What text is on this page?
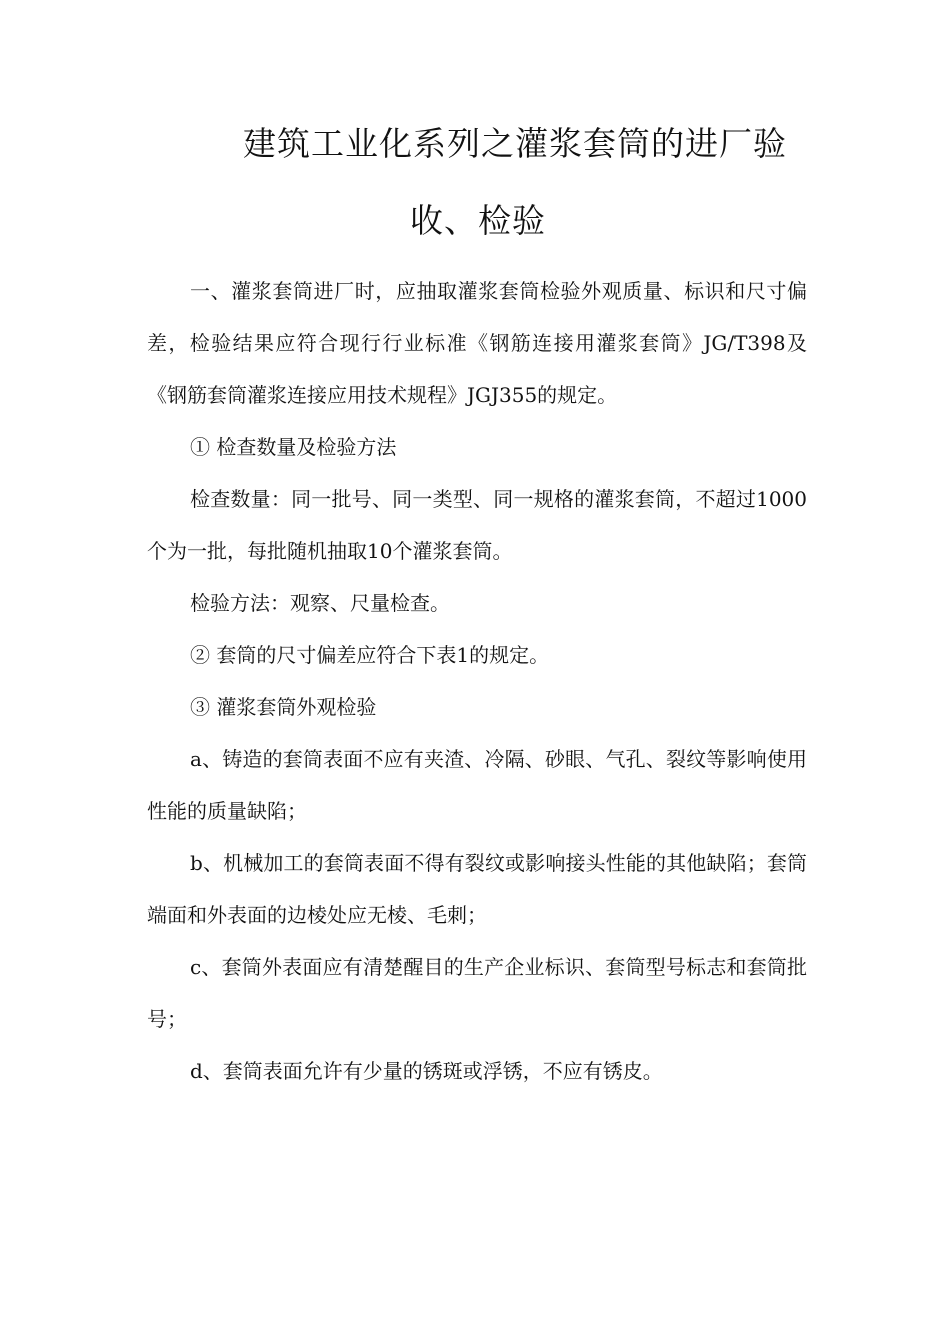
建筑工业化系列之灌浆套筒的进厂验
收、检验

一、灌浆套筒进厂时，应抽取灌浆套筒检验外观质量、标识和尺寸偏差，检验结果应符合现行行业标准《钢筋连接用灌浆套筒》JG/T398及《钢筋套筒灌浆连接应用技术规程》JGJ355的规定。

① 检查数量及检验方法

检查数量：同一批号、同一类型、同一规格的灌浆套筒，不超过1000个为一批，每批随机抽取10个灌浆套筒。

检验方法：观察、尺量检查。

② 套筒的尺寸偏差应符合下表1的规定。

③ 灌浆套筒外观检验

a、铸造的套筒表面不应有夹渣、冷隔、砂眼、气孔、裂纹等影响使用性能的质量缺陷；

b、机械加工的套筒表面不得有裂纹或影响接头性能的其他缺陷；套筒端面和外表面的边棱处应无棱、毛刺；

c、套筒外表面应有清楚醒目的生产企业标识、套筒型号标志和套筒批号；

d、套筒表面允许有少量的锈斑或浮锈，不应有锈皮。
